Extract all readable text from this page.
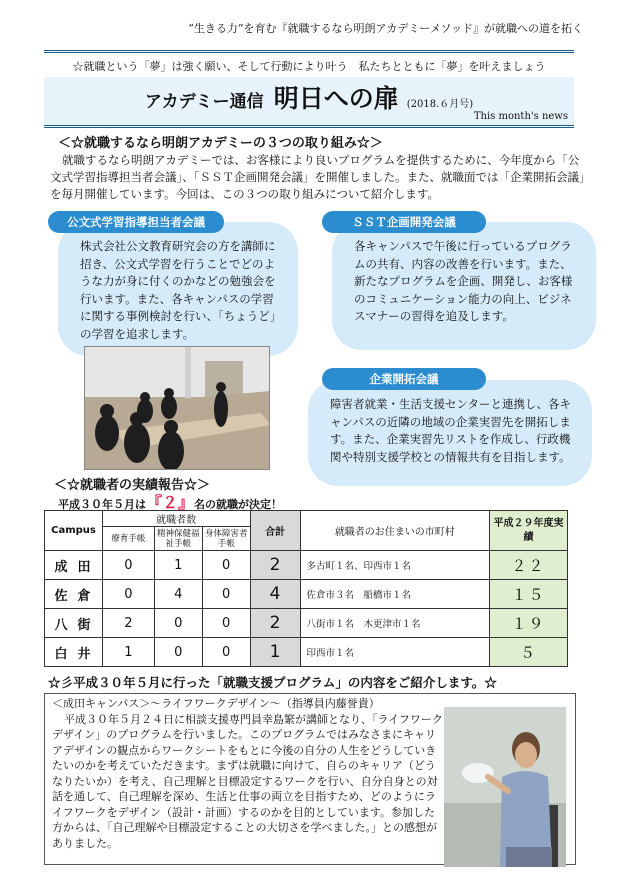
“生きる力”を育む『就職するなら明朗アカデミーメソッド』が就職への道を拓く
☆就職という「夢」は強く願い、そして行動により叶う　私たちとともに「夢」を叶えましょう
アカデミー通信 明日への扉 (2018.６月号)
This month's news
＜☆就職するなら明朗アカデミーの３つの取り組み☆＞
就職するなら明朗アカデミーでは、お客様により良いプログラムを提供するために、今年度から「公文式学習指導担当者会議」、「ＳＳＴ企画開発会議」を開催しました。また、就職面では「企業開拓会議」を毎月開催しています。今回は、この３つの取り組みについて紹介します。
株式会社公文教育研究会の方を講師に招き、公文式学習を行うことでどのような力が身に付くのかなどの勉強会を行います。また、各キャンパスの学習に関する事例検討を行い、「ちょうど」の学習を追求します。
公文式学習指導担当者会議
各キャンパスで午後に行っているプログラムの共有、内容の改善を行います。また、新たなプログラムを企画、開発し、お客様のコミュニケーション能力の向上、ビジネスマナーの習得を追及します。
ＳＳＴ企画開発会議
障害者就業・生活支援センターと連携し、各キャンパスの近隣の地域の企業実習先を開拓します。また、企業実習先リストを作成し、行政機関や特別支援学校との情報共有を目指します。
企業開拓会議
＜☆就職者の実績報告☆＞
平成３０年５月は『２』名の就職が決定！
Campus	就職者数			合計	就職者のお住まいの市町村	平成２９年度実績
	療育手帳	精神保健福祉手帳	身体障害者手帳			
成田	0	1	0	2	多古町１名、印西市１名	２２
佐倉	0	4	0	4	佐倉市３名　船橋市１名	１５
八街	2	0	0	2	八街市１名　木更津市１名	１９
白井	1	0	0	1	印西市１名	５
☆彡平成３０年５月に行った「就職支援プログラム」の内容をご紹介します。☆
＜成田キャンパス＞〜ライフワークデザイン〜（指導員内藤誉貴）
平成３０年５月２４日に相談支援専門員幸島繁が講師となり、「ライフワークデザイン」のプログラムを行いました。このプログラムではみなさまにキャリアデザインの観点からワークシートをもとに今後の自分の人生をどうしていきたいのかを考えていただきます。まずは就職に向けて、自らのキャリア（どうなりたいか）を考え、自己理解と目標設定するワークを行い、自分自身との対話を通して、自己理解を深め、生活と仕事の両立を目指すため、どのようにライフワークをデザイン（設計・計画）するのかを目的としています。参加した方からは、「自己理解や目標設定することの大切さを学べました。」との感想がありました。
